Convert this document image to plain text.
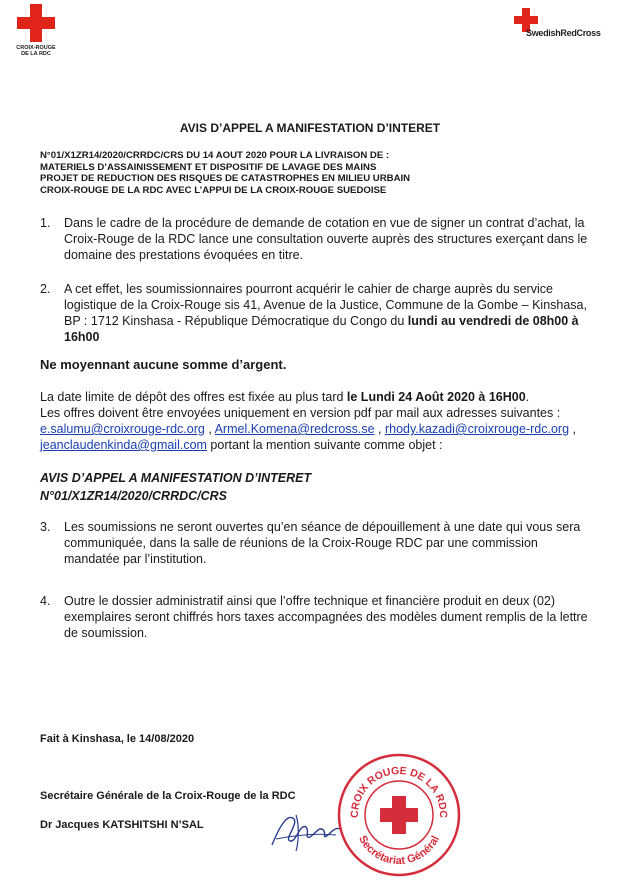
CROIX-ROUGE
DE LA RDC
SwedishRedCross
AVIS D’APPEL A MANIFESTATION D’INTERET
N°01/X1ZR14/2020/CRRDC/CRS DU 14 AOUT 2020 POUR LA LIVRAISON DE :
MATERIELS D’ASSAINISSEMENT ET DISPOSITIF DE LAVAGE DES MAINS
PROJET DE REDUCTION DES RISQUES DE CATASTROPHES EN MILIEU URBAIN
CROIX-ROUGE DE LA RDC AVEC L’APPUI DE LA CROIX-ROUGE SUEDOISE
1. Dans le cadre de la procédure de demande de cotation en vue de signer un contrat d’achat, la Croix-Rouge de la RDC lance une consultation ouverte auprès des structures exerçant dans le domaine des prestations évoquées en titre.
2. A cet effet, les soumissionnaires pourront acquérir le cahier de charge auprès du service logistique de la Croix-Rouge sis 41, Avenue de la Justice, Commune de la Gombe – Kinshasa, BP : 1712 Kinshasa - République Démocratique du Congo du lundi au vendredi de 08h00 à 16h00
Ne moyennant aucune somme d’argent.
La date limite de dépôt des offres est fixée au plus tard le Lundi 24 Août 2020 à 16H00.
Les offres doivent être envoyées uniquement en version pdf par mail aux adresses suivantes :
e.salumu@croixrouge-rdc.org , Armel.Komena@redcross.se , rhody.kazadi@croixrouge-rdc.org , jeanclaudenkinda@gmail.com portant la mention suivante comme objet :
AVIS D’APPEL A MANIFESTATION D’INTERET
N°01/X1ZR14/2020/CRRDC/CRS
3. Les soumissions ne seront ouvertes qu’en séance de dépouillement à une date qui vous sera communiquée, dans la salle de réunions de la Croix-Rouge RDC par une commission mandatée par l’institution.
4. Outre le dossier administratif ainsi que l’offre technique et financière produit en deux (02) exemplaires seront chiffrés hors taxes accompagnées des modèles dument remplis de la lettre de soumission.
Fait à Kinshasa, le 14/08/2020
Secrétaire Générale de la Croix-Rouge de la RDC
Dr Jacques KATSHITSHI N’SAL
CROIX ROUGE DE LA RDC
Secrétariat Général
